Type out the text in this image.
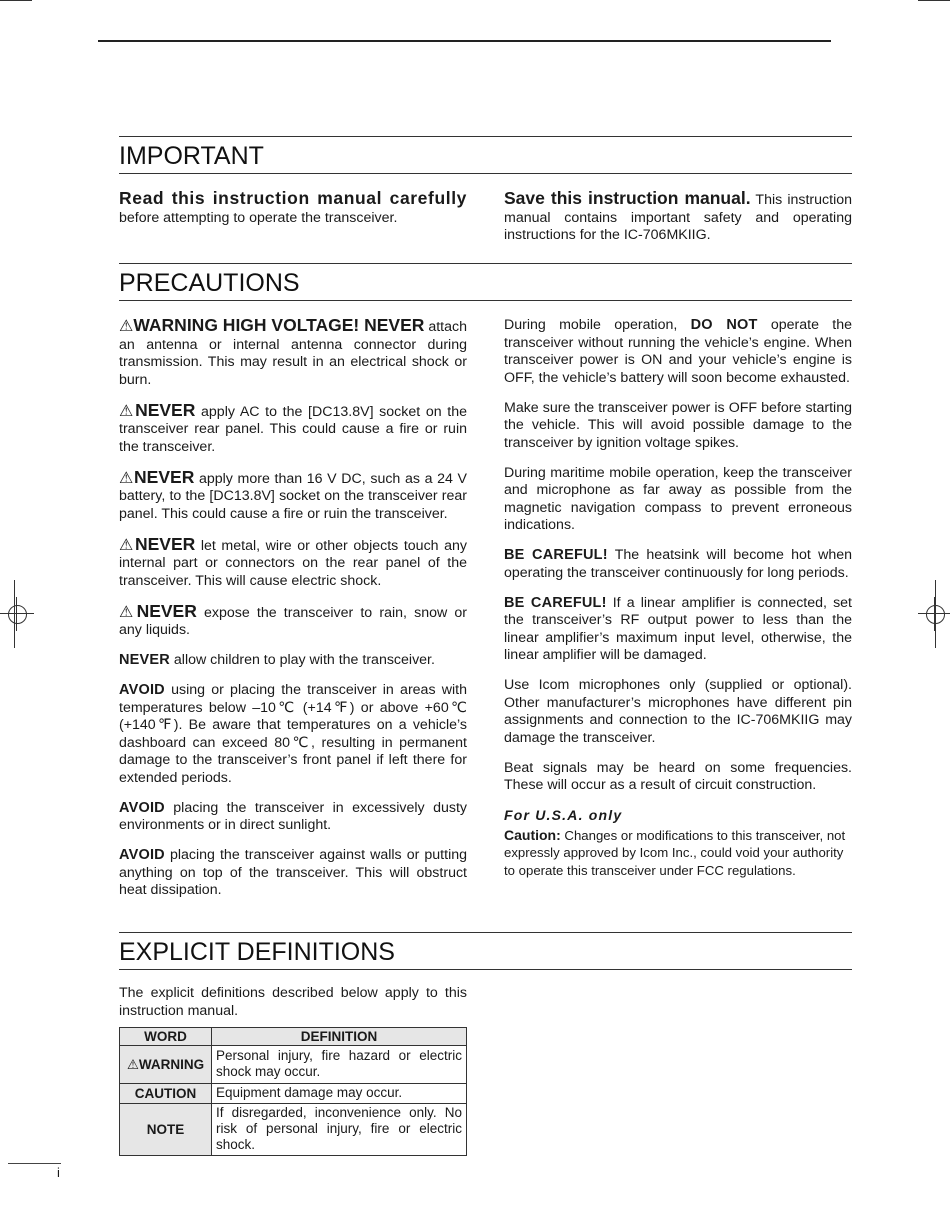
IMPORTANT

Read this instruction manual carefully before attempting to operate the transceiver.

Save this instruction manual. This instruction manual contains important safety and operating instructions for the IC-706MKIIG.

PRECAUTIONS

⚠WARNING HIGH VOLTAGE! NEVER attach an antenna or internal antenna connector during transmission. This may result in an electrical shock or burn.

⚠NEVER apply AC to the [DC13.8V] socket on the transceiver rear panel. This could cause a fire or ruin the transceiver.

⚠NEVER apply more than 16 V DC, such as a 24 V battery, to the [DC13.8V] socket on the transceiver rear panel. This could cause a fire or ruin the transceiver.

⚠NEVER let metal, wire or other objects touch any internal part or connectors on the rear panel of the transceiver. This will cause electric shock.

⚠NEVER expose the transceiver to rain, snow or any liquids.

NEVER allow children to play with the transceiver.

AVOID using or placing the transceiver in areas with temperatures below –10℃ (+14℉) or above +60℃ (+140℉). Be aware that temperatures on a vehicle’s dashboard can exceed 80℃, resulting in permanent damage to the transceiver’s front panel if left there for extended periods.

AVOID placing the transceiver in excessively dusty environments or in direct sunlight.

AVOID placing the transceiver against walls or putting anything on top of the transceiver. This will obstruct heat dissipation.

During mobile operation, DO NOT operate the transceiver without running the vehicle’s engine. When transceiver power is ON and your vehicle’s engine is OFF, the vehicle’s battery will soon become exhausted.

Make sure the transceiver power is OFF before starting the vehicle. This will avoid possible damage to the transceiver by ignition voltage spikes.

During maritime mobile operation, keep the transceiver and microphone as far away as possible from the magnetic navigation compass to prevent erroneous indications.

BE CAREFUL! The heatsink will become hot when operating the transceiver continuously for long periods.

BE CAREFUL! If a linear amplifier is connected, set the transceiver’s RF output power to less than the linear amplifier’s maximum input level, otherwise, the linear amplifier will be damaged.

Use Icom microphones only (supplied or optional). Other manufacturer’s microphones have different pin assignments and connection to the IC-706MKIIG may damage the transceiver.

Beat signals may be heard on some frequencies. These will occur as a result of circuit construction.

For U.S.A. only
Caution: Changes or modifications to this transceiver, not expressly approved by Icom Inc., could void your authority to operate this transceiver under FCC regulations.
EXPLICIT DEFINITIONS
The explicit definitions described below apply to this instruction manual.
WORD	DEFINITION
⚠WARNING	Personal injury, fire hazard or electric shock may occur.
CAUTION	Equipment damage may occur.
NOTE	If disregarded, inconvenience only. No risk of personal injury, fire or electric shock.
i
